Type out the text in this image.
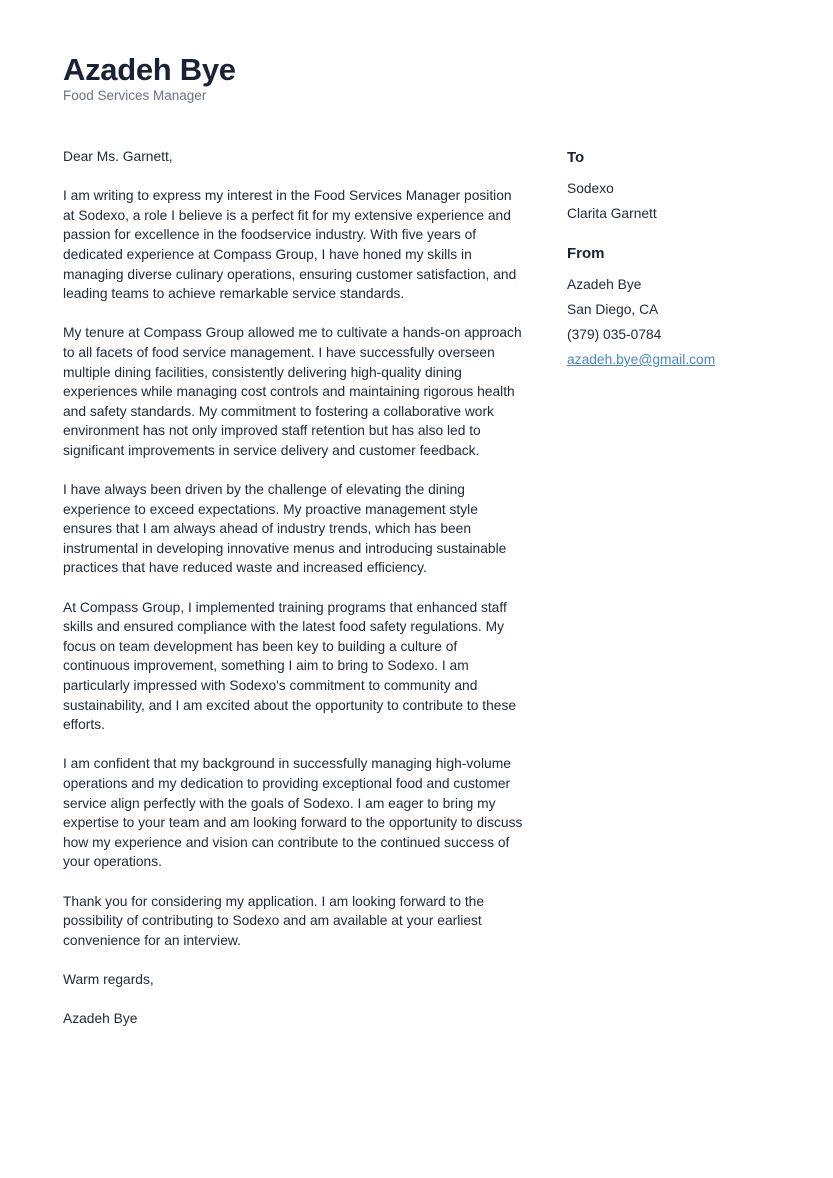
Azadeh Bye
Food Services Manager

Dear Ms. Garnett,

I am writing to express my interest in the Food Services Manager position at Sodexo, a role I believe is a perfect fit for my extensive experience and passion for excellence in the foodservice industry. With five years of dedicated experience at Compass Group, I have honed my skills in managing diverse culinary operations, ensuring customer satisfaction, and leading teams to achieve remarkable service standards.

My tenure at Compass Group allowed me to cultivate a hands-on approach to all facets of food service management. I have successfully overseen multiple dining facilities, consistently delivering high-quality dining experiences while managing cost controls and maintaining rigorous health and safety standards. My commitment to fostering a collaborative work environment has not only improved staff retention but has also led to significant improvements in service delivery and customer feedback.

I have always been driven by the challenge of elevating the dining experience to exceed expectations. My proactive management style ensures that I am always ahead of industry trends, which has been instrumental in developing innovative menus and introducing sustainable practices that have reduced waste and increased efficiency.

At Compass Group, I implemented training programs that enhanced staff skills and ensured compliance with the latest food safety regulations. My focus on team development has been key to building a culture of continuous improvement, something I aim to bring to Sodexo. I am particularly impressed with Sodexo's commitment to community and sustainability, and I am excited about the opportunity to contribute to these efforts.

I am confident that my background in successfully managing high-volume operations and my dedication to providing exceptional food and customer service align perfectly with the goals of Sodexo. I am eager to bring my expertise to your team and am looking forward to the opportunity to discuss how my experience and vision can contribute to the continued success of your operations.

Thank you for considering my application. I am looking forward to the possibility of contributing to Sodexo and am available at your earliest convenience for an interview.

Warm regards,

Azadeh Bye

To
Sodexo
Clarita Garnett
From
Azadeh Bye
San Diego, CA
(379) 035-0784
azadeh.bye@gmail.com
